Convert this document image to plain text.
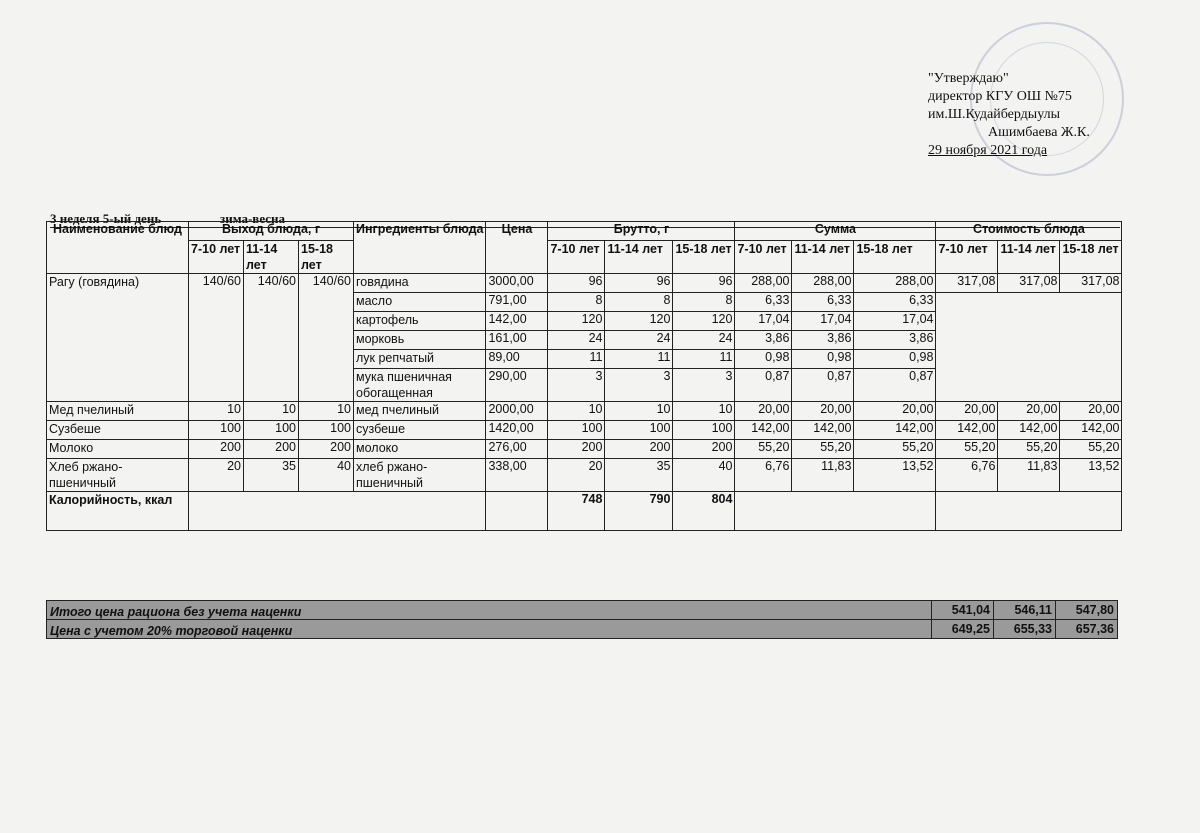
"Утверждаю"
директор КГУ ОШ №75
им.Ш.Кудайбердыулы
Ашимбаева Ж.К.
29 ноября 2021 года
3 неделя 5-ый день	зима-весна
Наименование блюд	Выход блюда, г			Ингредиенты блюда	Цена	Брутто, г			Сумма			Стоимость блюда		
	7-10 лет	11-14 лет	15-18 лет			7-10 лет	11-14 лет	15-18 лет	7-10 лет	11-14 лет	15-18 лет	7-10 лет	11-14 лет	15-18 лет
Рагу (говядина)	140/60	140/60	140/60	говядина	3000,00	96	96	96	288,00	288,00	288,00	317,08	317,08	317,08
				масло	791,00	8	8	8	6,33	6,33	6,33			
				картофель	142,00	120	120	120	17,04	17,04	17,04			
				морковь	161,00	24	24	24	3,86	3,86	3,86			
				лук репчатый	89,00	11	11	11	0,98	0,98	0,98			
				мука пшеничная обогащенная	290,00	3	3	3	0,87	0,87	0,87			
Мед пчелиный	10	10	10	мед пчелиный	2000,00	10	10	10	20,00	20,00	20,00	20,00	20,00	20,00
Сузбеше	100	100	100	сузбеше	1420,00	100	100	100	142,00	142,00	142,00	142,00	142,00	142,00
Молоко	200	200	200	молоко	276,00	200	200	200	55,20	55,20	55,20	55,20	55,20	55,20
Хлеб ржано-пшеничный	20	35	40	хлеб ржано-пшеничный	338,00	20	35	40	6,76	11,83	13,52	6,76	11,83	13,52
Калорийность, ккал						748	790	804						
Итого цена рациона без учета наценки	541,04	546,11	547,80
Цена с учетом 20% торговой наценки	649,25	655,33	657,36
